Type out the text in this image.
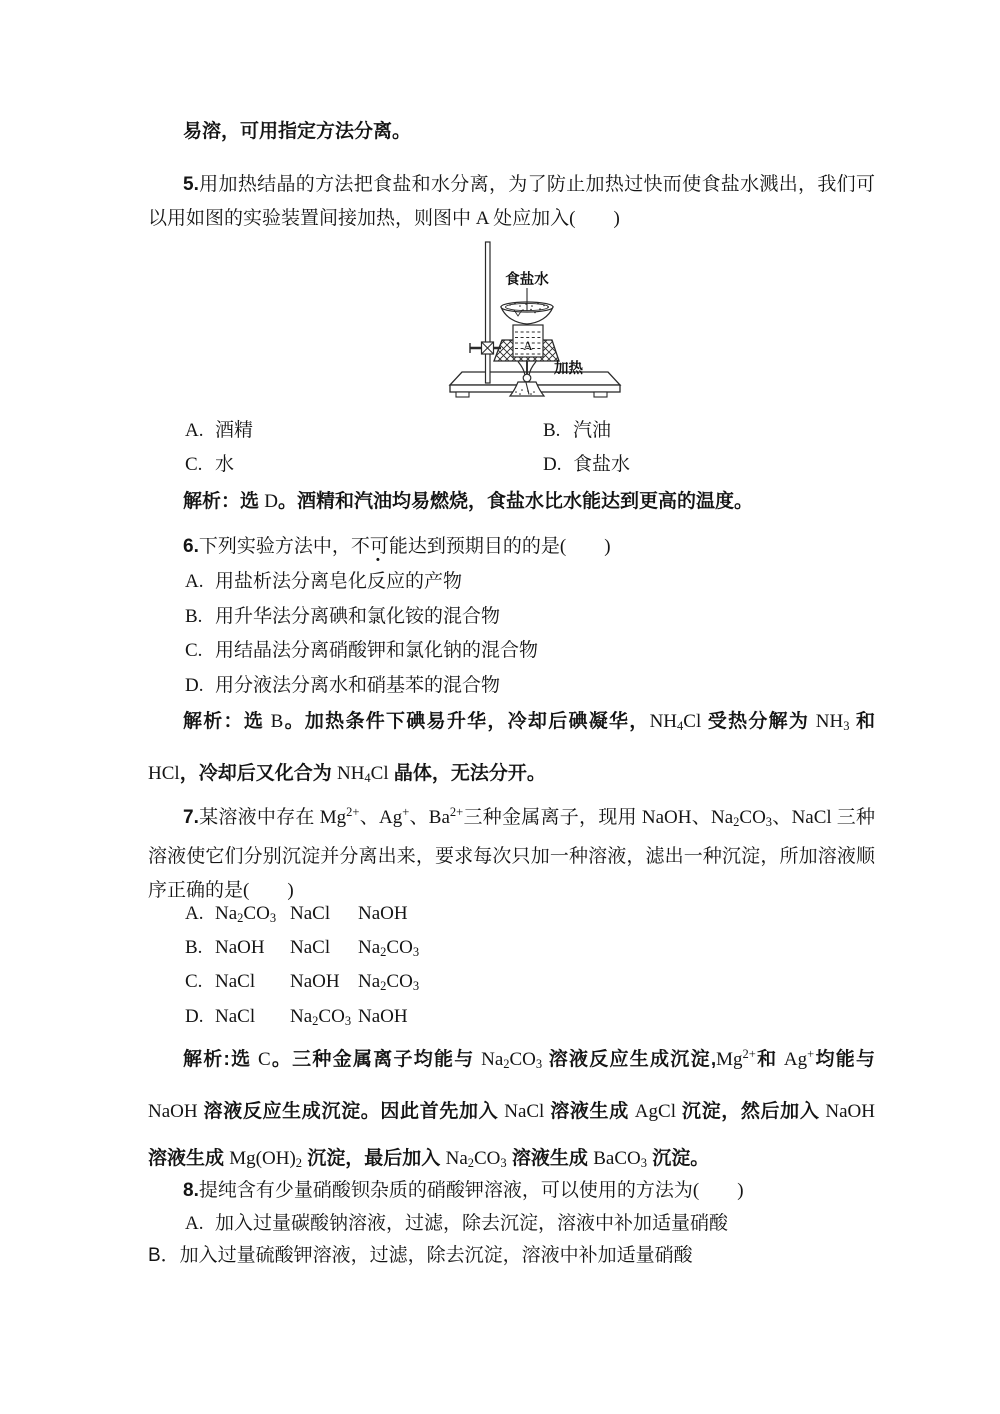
易溶，可用指定方法分离。
5.用加热结晶的方法把食盐和水分离，为了防止加热过快而使食盐水溅出，我们可以用如图的实验装置间接加热，则图中 A 处应加入(　　)
A
食盐水
加热
A. 酒精	B. 汽油
C. 水	D. 食盐水
解析：选 D。酒精和汽油均易燃烧，食盐水比水能达到更高的温度。
6.下列实验方法中，不可能达到预期目的的是(　　)
A. 用盐析法分离皂化反应的产物
B. 用升华法分离碘和氯化铵的混合物
C. 用结晶法分离硝酸钾和氯化钠的混合物
D. 用分液法分离水和硝基苯的混合物
解析：选 B。加热条件下碘易升华，冷却后碘凝华，NH4Cl 受热分解为 NH3 和 HCl，冷却后又化合为 NH4Cl 晶体，无法分开。
7.某溶液中存在 $Mg^{2+}$、Ag+、$Ba^{2+}$三种金属离子，现用 NaOH、Na2CO3、NaCl 三种溶液使它们分别沉淀并分离出来，要求每次只加一种溶液，滤出一种沉淀，所加溶液顺序正确的是(　　)
A. Na2CO3 NaCl NaOH
B. NaOH NaCl Na2CO3
C. NaCl NaOH Na2CO3
D. NaCl Na2CO3 NaOH
解析:选 C。三种金属离子均能与 Na2CO3 溶液反应生成沉淀$,Mg^{2+}$和 Ag+均能与 NaOH 溶液反应生成沉淀。因此首先加入 NaCl 溶液生成 AgCl 沉淀，然后加入 NaOH 溶液生成 Mg(OH)2 沉淀，最后加入 Na2CO3 溶液生成 BaCO3 沉淀。
8.提纯含有少量硝酸钡杂质的硝酸钾溶液，可以使用的方法为(　　)
A. 加入过量碳酸钠溶液，过滤，除去沉淀，溶液中补加适量硝酸
B．加入过量硫酸钾溶液，过滤，除去沉淀，溶液中补加适量硝酸
